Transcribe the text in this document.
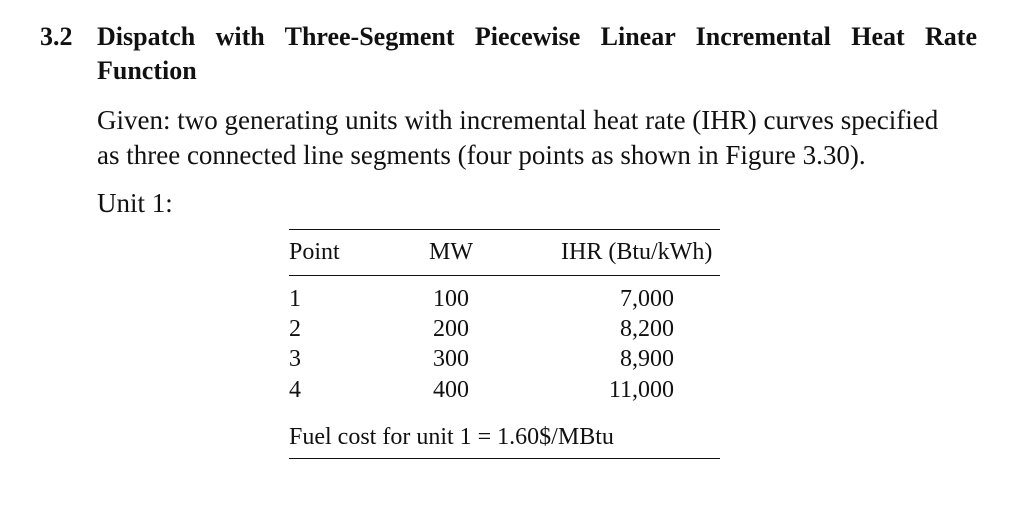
3.2 Dispatch with Three-Segment Piecewise Linear Incremental Heat Rate Function
Given: two generating units with incremental heat rate (IHR) curves specified
as three connected line segments (four points as shown in Figure 3.30).
Unit 1:
Point	MW	IHR (Btu/kWh)
1	100	7,000
2	200	8,200
3	300	8,900
4	400	11,000
Fuel cost for unit 1 = 1.60$/MBtu
